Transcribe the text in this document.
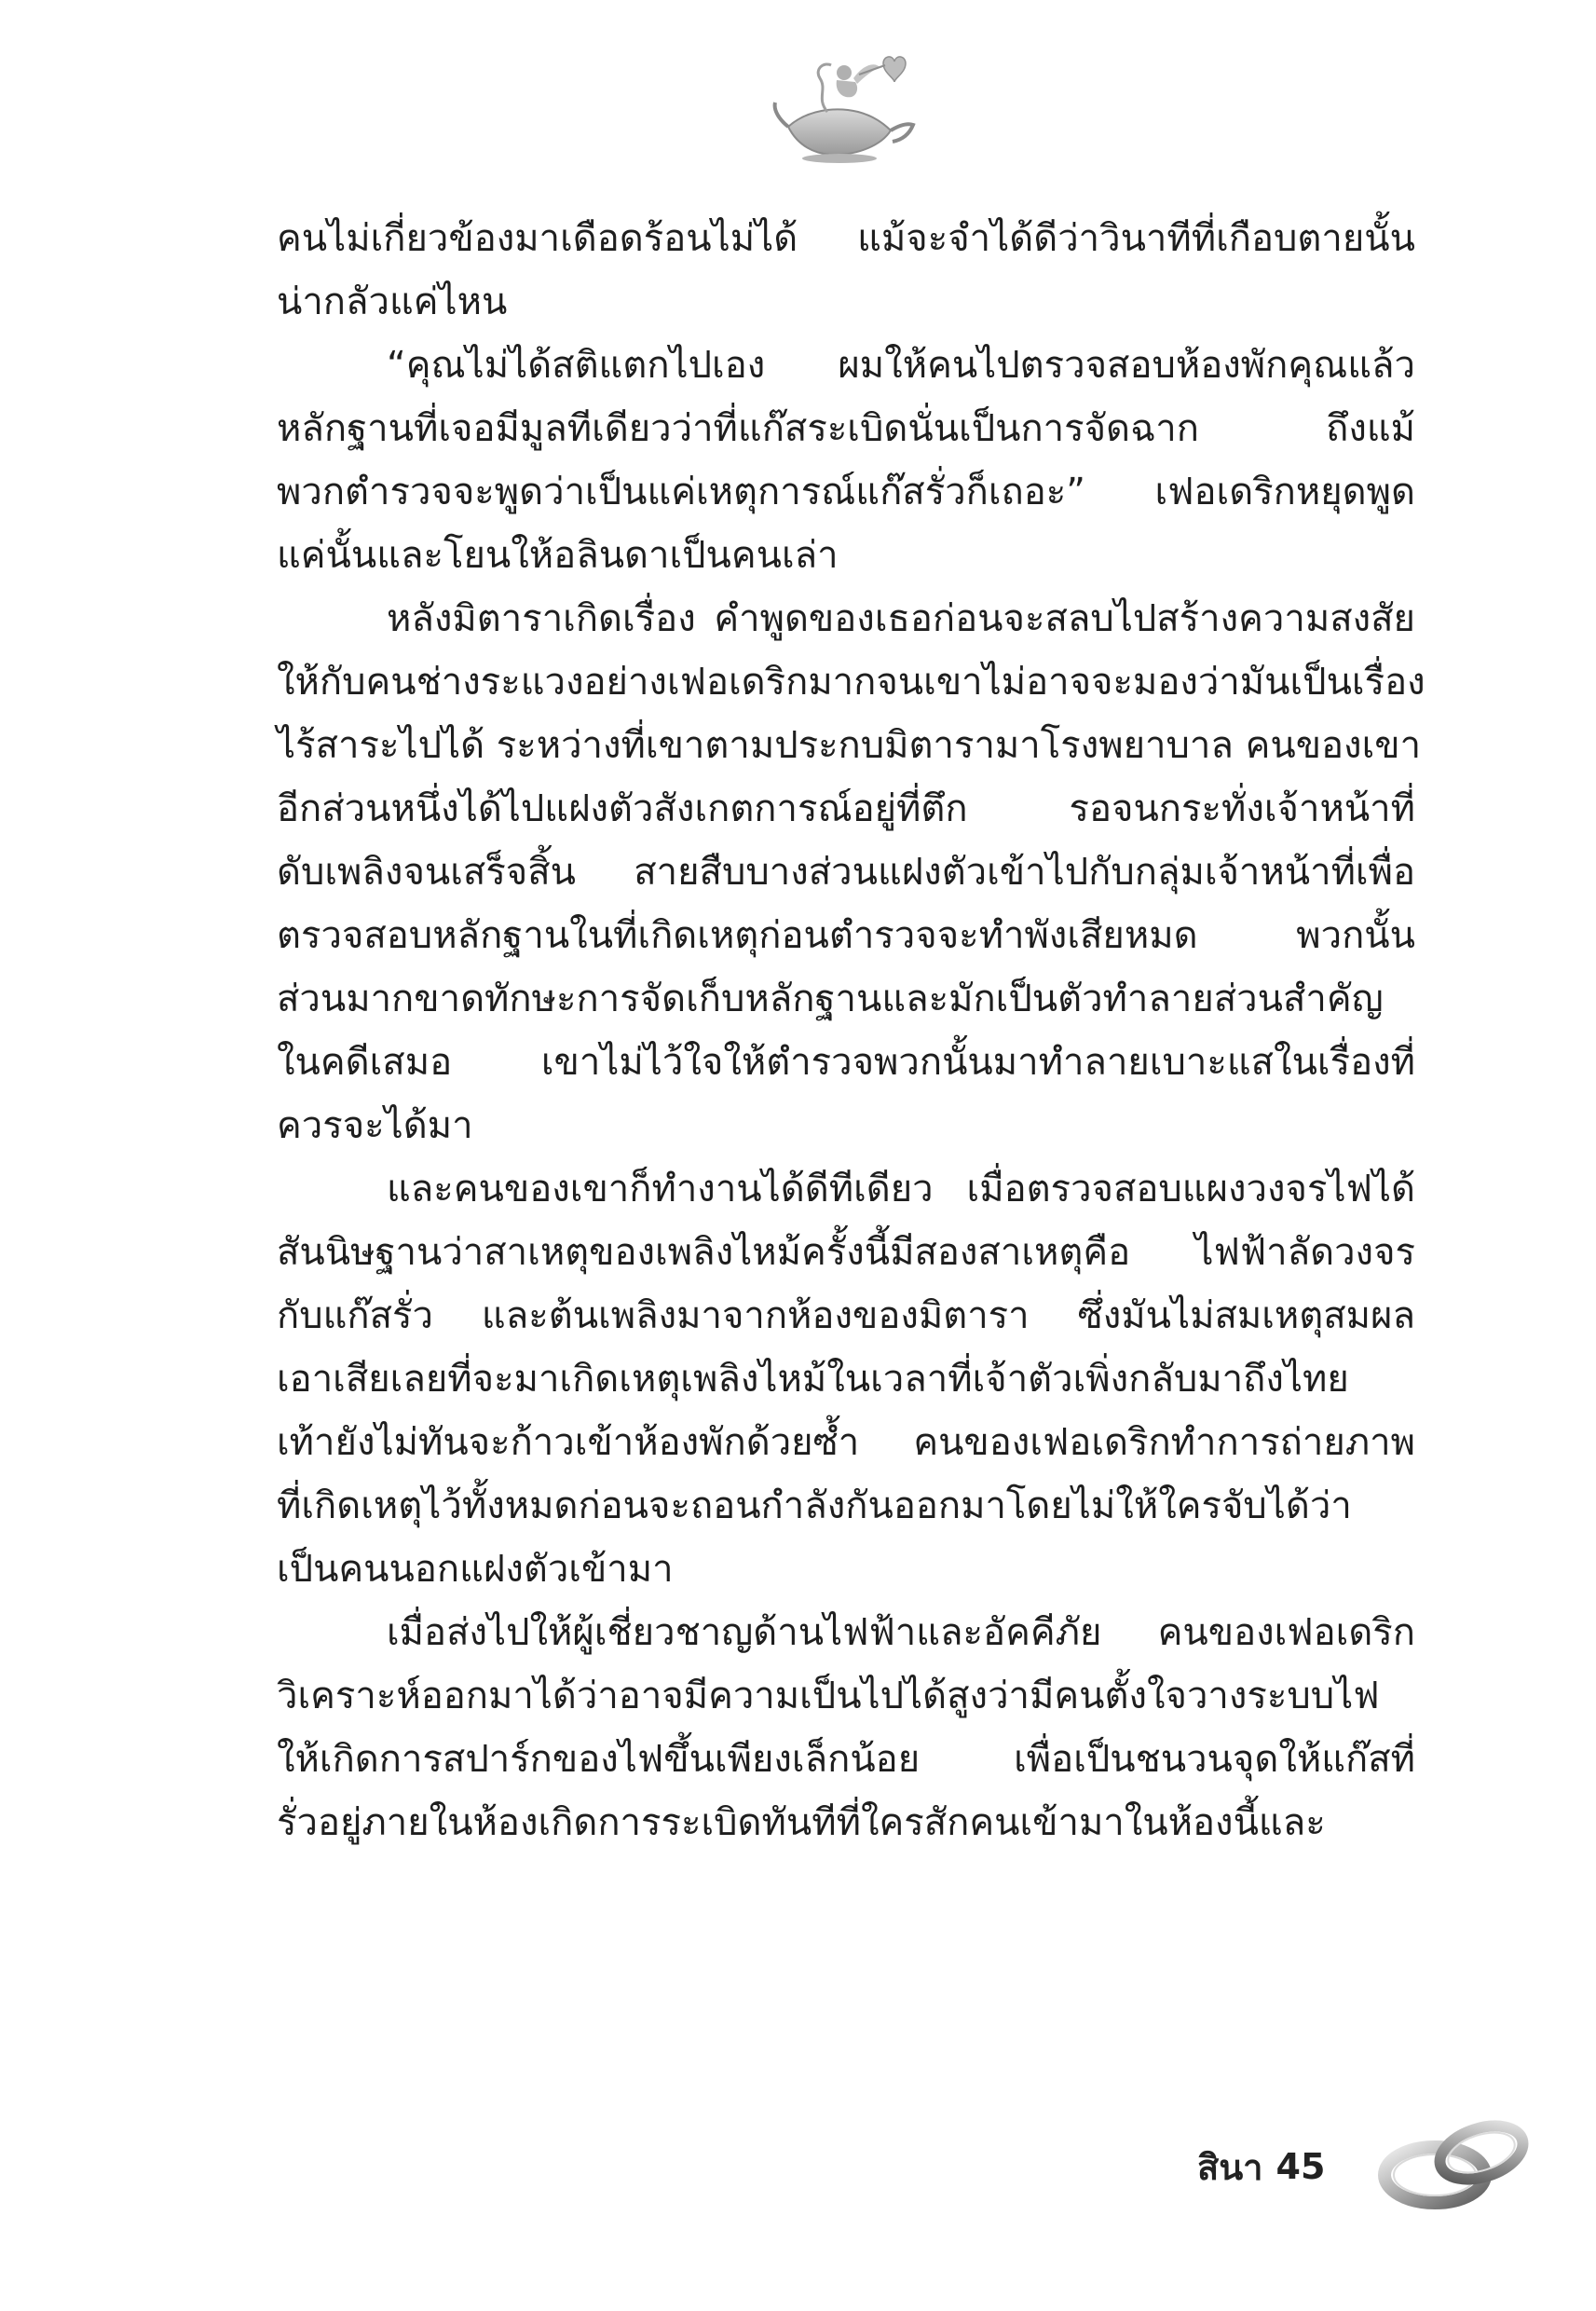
คนไม่เกี่ยวข้องมาเดือดร้อนไม่ได้ แม้จะจำได้ดีว่าวินาทีที่เกือบตายนั้น
น่ากลัวแค่ไหน
“คุณไม่ได้สติแตกไปเอง ผมให้คนไปตรวจสอบห้องพักคุณแล้ว
หลักฐานที่เจอมีมูลทีเดียวว่าที่แก๊สระเบิดนั่นเป็นการจัดฉาก ถึงแม้
พวกตำรวจจะพูดว่าเป็นแค่เหตุการณ์แก๊สรั่วก็เถอะ” เฟอเดริกหยุดพูด
แค่นั้นและโยนให้อลินดาเป็นคนเล่า
หลังมิตาราเกิดเรื่อง คำพูดของเธอก่อนจะสลบไปสร้างความสงสัย
ให้กับคนช่างระแวงอย่างเฟอเดริกมากจนเขาไม่อาจจะมองว่ามันเป็นเรื่อง
ไร้สาระไปได้ ระหว่างที่เขาตามประกบมิตารามาโรงพยาบาล คนของเขา
อีกส่วนหนึ่งได้ไปแฝงตัวสังเกตการณ์อยู่ที่ตึก รอจนกระทั่งเจ้าหน้าที่
ดับเพลิงจนเสร็จสิ้น สายสืบบางส่วนแฝงตัวเข้าไปกับกลุ่มเจ้าหน้าที่เพื่อ
ตรวจสอบหลักฐานในที่เกิดเหตุก่อนตำรวจจะทำพังเสียหมด พวกนั้น
ส่วนมากขาดทักษะการจัดเก็บหลักฐานและมักเป็นตัวทำลายส่วนสำคัญ
ในคดีเสมอ เขาไม่ไว้ใจให้ตำรวจพวกนั้นมาทำลายเบาะแสในเรื่องที่
ควรจะได้มา
และคนของเขาก็ทำงานได้ดีทีเดียว เมื่อตรวจสอบแผงวงจรไฟได้
สันนิษฐานว่าสาเหตุของเพลิงไหม้ครั้งนี้มีสองสาเหตุคือ ไฟฟ้าลัดวงจร
กับแก๊สรั่ว และต้นเพลิงมาจากห้องของมิตารา ซึ่งมันไม่สมเหตุสมผล
เอาเสียเลยที่จะมาเกิดเหตุเพลิงไหม้ในเวลาที่เจ้าตัวเพิ่งกลับมาถึงไทย
เท้ายังไม่ทันจะก้าวเข้าห้องพักด้วยซ้ำ คนของเฟอเดริกทำการถ่ายภาพ
ที่เกิดเหตุไว้ทั้งหมดก่อนจะถอนกำลังกันออกมาโดยไม่ให้ใครจับได้ว่า
เป็นคนนอกแฝงตัวเข้ามา
เมื่อส่งไปให้ผู้เชี่ยวชาญด้านไฟฟ้าและอัคคีภัย คนของเฟอเดริก
วิเคราะห์ออกมาได้ว่าอาจมีความเป็นไปได้สูงว่ามีคนตั้งใจวางระบบไฟ
ให้เกิดการสปาร์กของไฟขึ้นเพียงเล็กน้อย เพื่อเป็นชนวนจุดให้แก๊สที่
รั่วอยู่ภายในห้องเกิดการระเบิดทันทีที่ใครสักคนเข้ามาในห้องนี้และ
สินา 45
